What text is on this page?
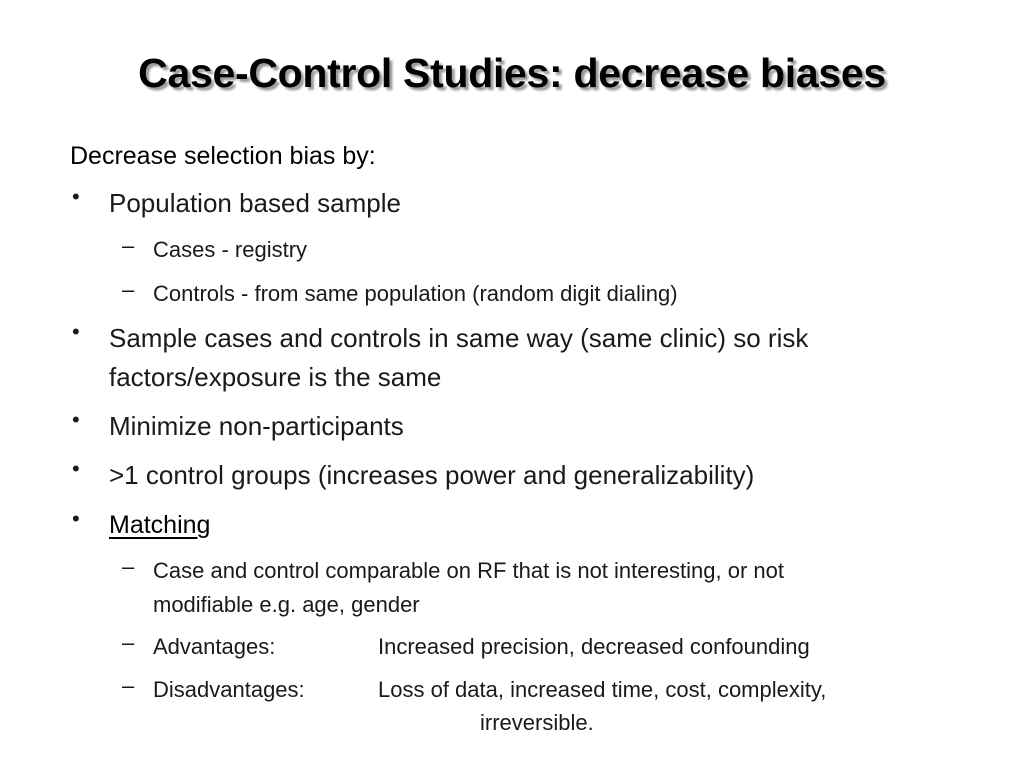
Case-Control Studies: decrease biases
Decrease selection bias by:
•	Population based sample
– Cases - registry
– Controls - from same population (random digit dialing)
•	Sample cases and controls in same way (same clinic) so risk
factors/exposure is the same
•	Minimize non-participants
•	>1 control groups (increases power and generalizability)
•	Matching
– Case and control comparable on RF that is not interesting, or not
modifiable e.g. age, gender
– Advantages:	Increased precision, decreased confounding
– Disadvantages:	Loss of data, increased time, cost, complexity,
irreversible.
